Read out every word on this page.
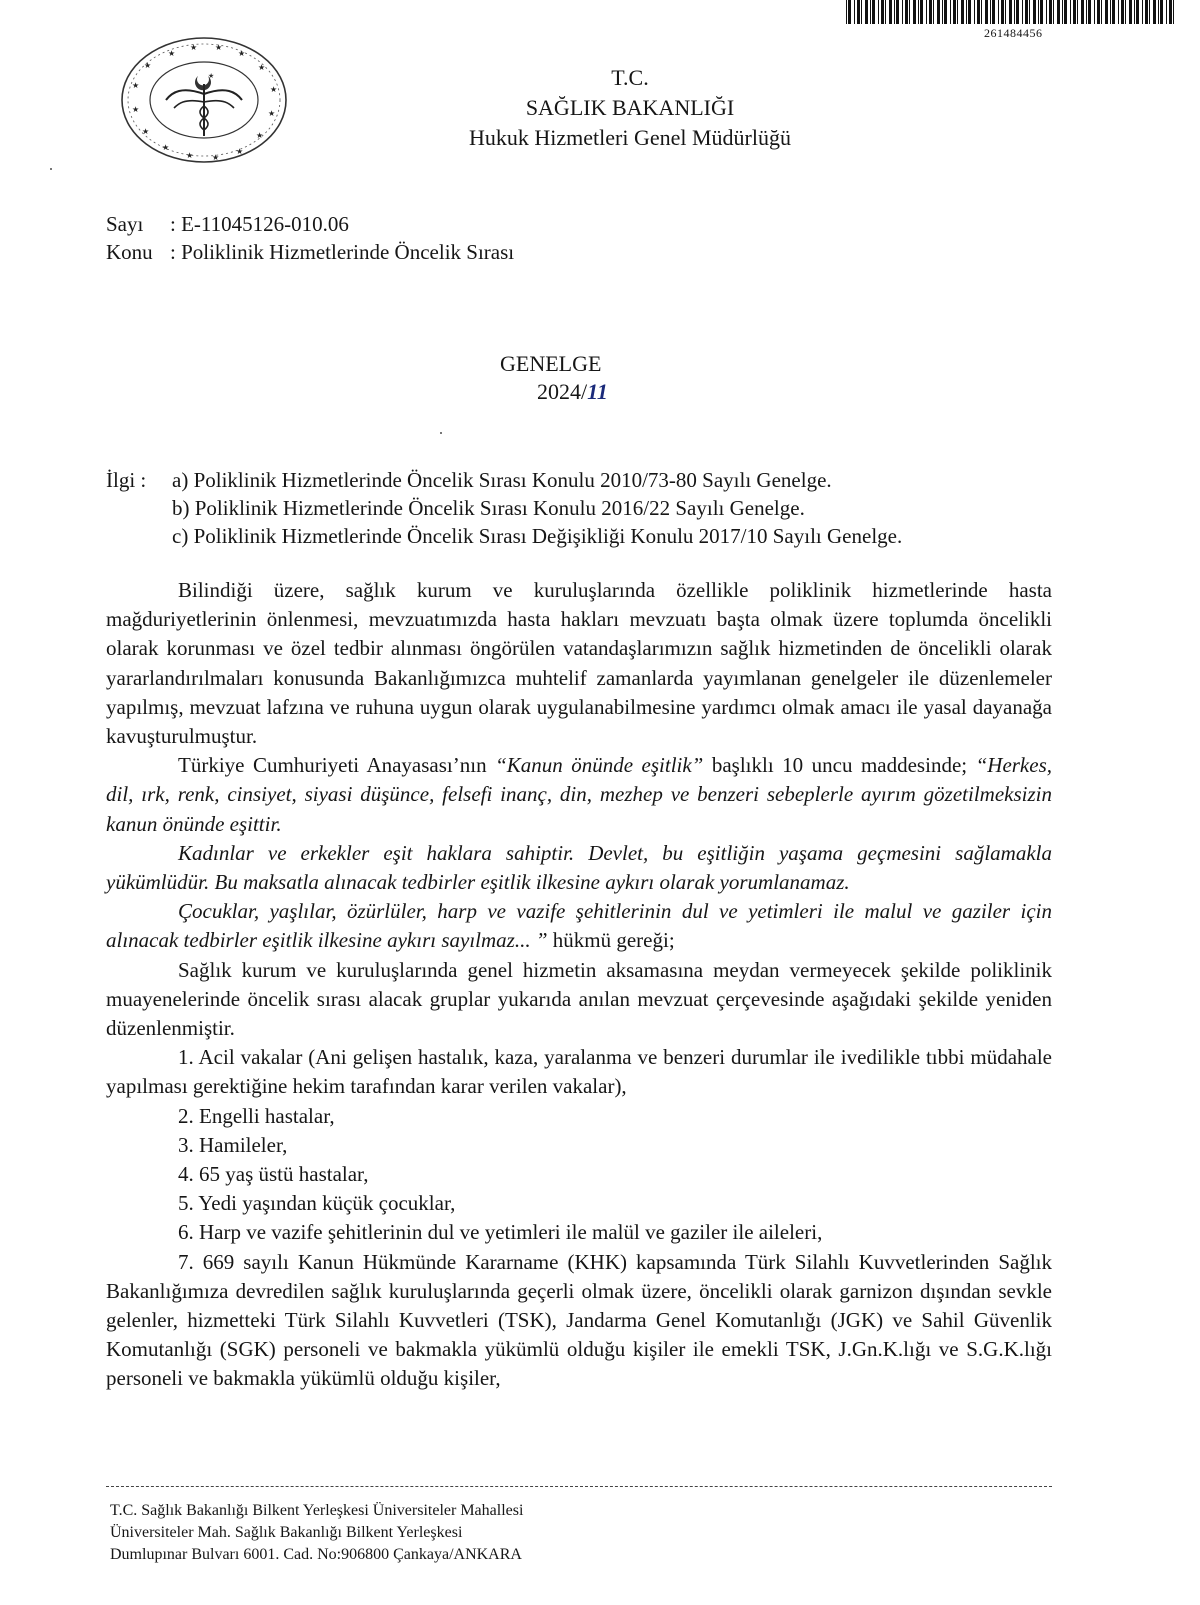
261484456
★
★ ★
★
★
★
★
★
★
★
★
★
★
★
★
★
★	T.C.
SAĞLIK BAKANLIĞI
Hukuk Hizmetleri Genel Müdürlüğü
Sayı : E-11045126-010.06
Konu : Poliklinik Hizmetlerinde Öncelik Sırası
GENELGE
2024/11
İlgi : a) Poliklinik Hizmetlerinde Öncelik Sırası Konulu 2010/73-80 Sayılı Genelge.
b) Poliklinik Hizmetlerinde Öncelik Sırası Konulu 2016/22 Sayılı Genelge.
c) Poliklinik Hizmetlerinde Öncelik Sırası Değişikliği Konulu 2017/10 Sayılı Genelge.

Bilindiği üzere, sağlık kurum ve kuruluşlarında özellikle poliklinik hizmetlerinde hasta mağduriyetlerinin önlenmesi, mevzuatımızda hasta hakları mevzuatı başta olmak üzere toplumda öncelikli olarak korunması ve özel tedbir alınması öngörülen vatandaşlarımızın sağlık hizmetinden de öncelikli olarak yararlandırılmaları konusunda Bakanlığımızca muhtelif zamanlarda yayımlanan genelgeler ile düzenlemeler yapılmış, mevzuat lafzına ve ruhuna uygun olarak uygulanabilmesine yardımcı olmak amacı ile yasal dayanağa kavuşturulmuştur.

Türkiye Cumhuriyeti Anayasası’nın “Kanun önünde eşitlik” başlıklı 10 uncu maddesinde; “Herkes, dil, ırk, renk, cinsiyet, siyasi düşünce, felsefi inanç, din, mezhep ve benzeri sebeplerle ayırım gözetilmeksizin kanun önünde eşittir.

Kadınlar ve erkekler eşit haklara sahiptir. Devlet, bu eşitliğin yaşama geçmesini sağlamakla yükümlüdür. Bu maksatla alınacak tedbirler eşitlik ilkesine aykırı olarak yorumlanamaz.

Çocuklar, yaşlılar, özürlüler, harp ve vazife şehitlerinin dul ve yetimleri ile malul ve gaziler için alınacak tedbirler eşitlik ilkesine aykırı sayılmaz... ” hükmü gereği;

Sağlık kurum ve kuruluşlarında genel hizmetin aksamasına meydan vermeyecek şekilde poliklinik muayenelerinde öncelik sırası alacak gruplar yukarıda anılan mevzuat çerçevesinde aşağıdaki şekilde yeniden düzenlenmiştir.

1. Acil vakalar (Ani gelişen hastalık, kaza, yaralanma ve benzeri durumlar ile ivedilikle tıbbi müdahale yapılması gerektiğine hekim tarafından karar verilen vakalar),

2. Engelli hastalar,

3. Hamileler,

4. 65 yaş üstü hastalar,

5. Yedi yaşından küçük çocuklar,

6. Harp ve vazife şehitlerinin dul ve yetimleri ile malül ve gaziler ile aileleri,

7. 669 sayılı Kanun Hükmünde Kararname (KHK) kapsamında Türk Silahlı Kuvvetlerinden Sağlık Bakanlığımıza devredilen sağlık kuruluşlarında geçerli olmak üzere, öncelikli olarak garnizon dışından sevkle gelenler, hizmetteki Türk Silahlı Kuvvetleri (TSK), Jandarma Genel Komutanlığı (JGK) ve Sahil Güvenlik Komutanlığı (SGK) personeli ve bakmakla yükümlü olduğu kişiler ile emekli TSK, J.Gn.K.lığı ve S.G.K.lığı personeli ve bakmakla yükümlü olduğu kişiler,

T.C. Sağlık Bakanlığı Bilkent Yerleşkesi Üniversiteler Mahallesi
Üniversiteler Mah. Sağlık Bakanlığı Bilkent Yerleşkesi
Dumlupınar Bulvarı 6001. Cad. No:906800 Çankaya/ANKARA
